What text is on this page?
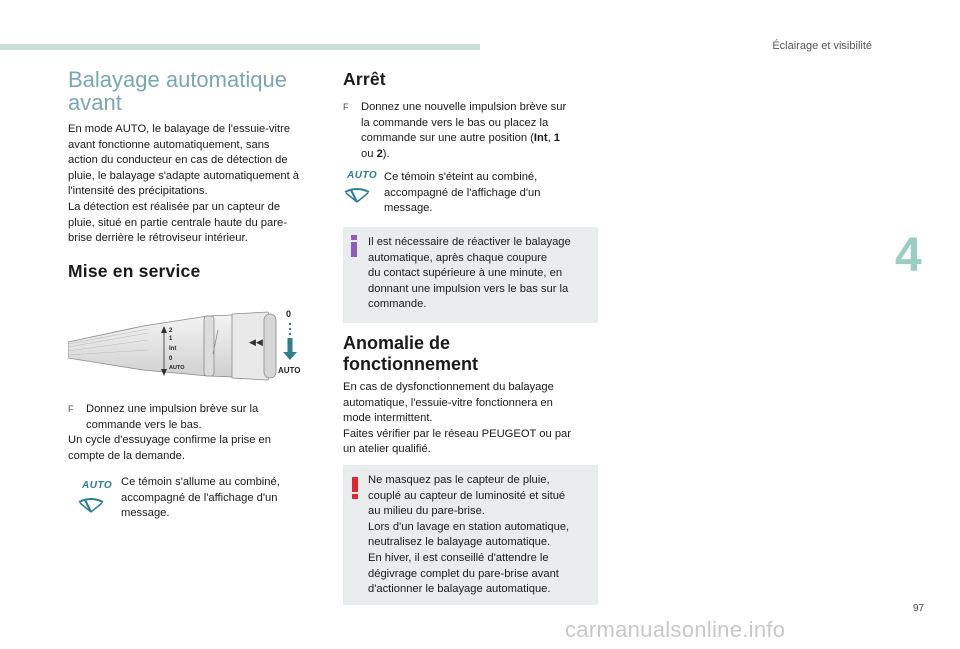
Éclairage et visibilité
Balayage automatique avant
En mode AUTO, le balayage de l'essuie-vitre
avant fonctionne automatiquement, sans
action du conducteur en cas de détection de
pluie, le balayage s'adapte automatiquement à
l'intensité des précipitations.
La détection est réalisée par un capteur de
pluie, situé en partie centrale haute du pare-
brise derrière le rétroviseur intérieur.
Mise en service
2
1
Int
0
AUTO
◀◀
0
AUTO
F Donnez une impulsion brève sur la
commande vers le bas.
Un cycle d'essuyage confirme la prise en
compte de la demande.
AUTO Ce témoin s'allume au combiné,
accompagné de l'affichage d'un
message.
Arrêt
F Donnez une nouvelle impulsion brève sur
la commande vers le bas ou placez la
commande sur une autre position (Int, 1
ou 2).
AUTO Ce témoin s'éteint au combiné,
accompagné de l'affichage d'un
message.
Il est nécessaire de réactiver le balayage
automatique, après chaque coupure
du contact supérieure à une minute, en
donnant une impulsion vers le bas sur la
commande.
Anomalie de
fonctionnement
En cas de dysfonctionnement du balayage
automatique, l'essuie-vitre fonctionnera en
mode intermittent.
Faites vérifier par le réseau PEUGEOT ou par
un atelier qualifié.
Ne masquez pas le capteur de pluie,
couplé au capteur de luminosité et situé
au milieu du pare-brise.
Lors d'un lavage en station automatique,
neutralisez le balayage automatique.
En hiver, il est conseillé d'attendre le
dégivrage complet du pare-brise avant
d'actionner le balayage automatique.
4
97
carmanualsonline.info
